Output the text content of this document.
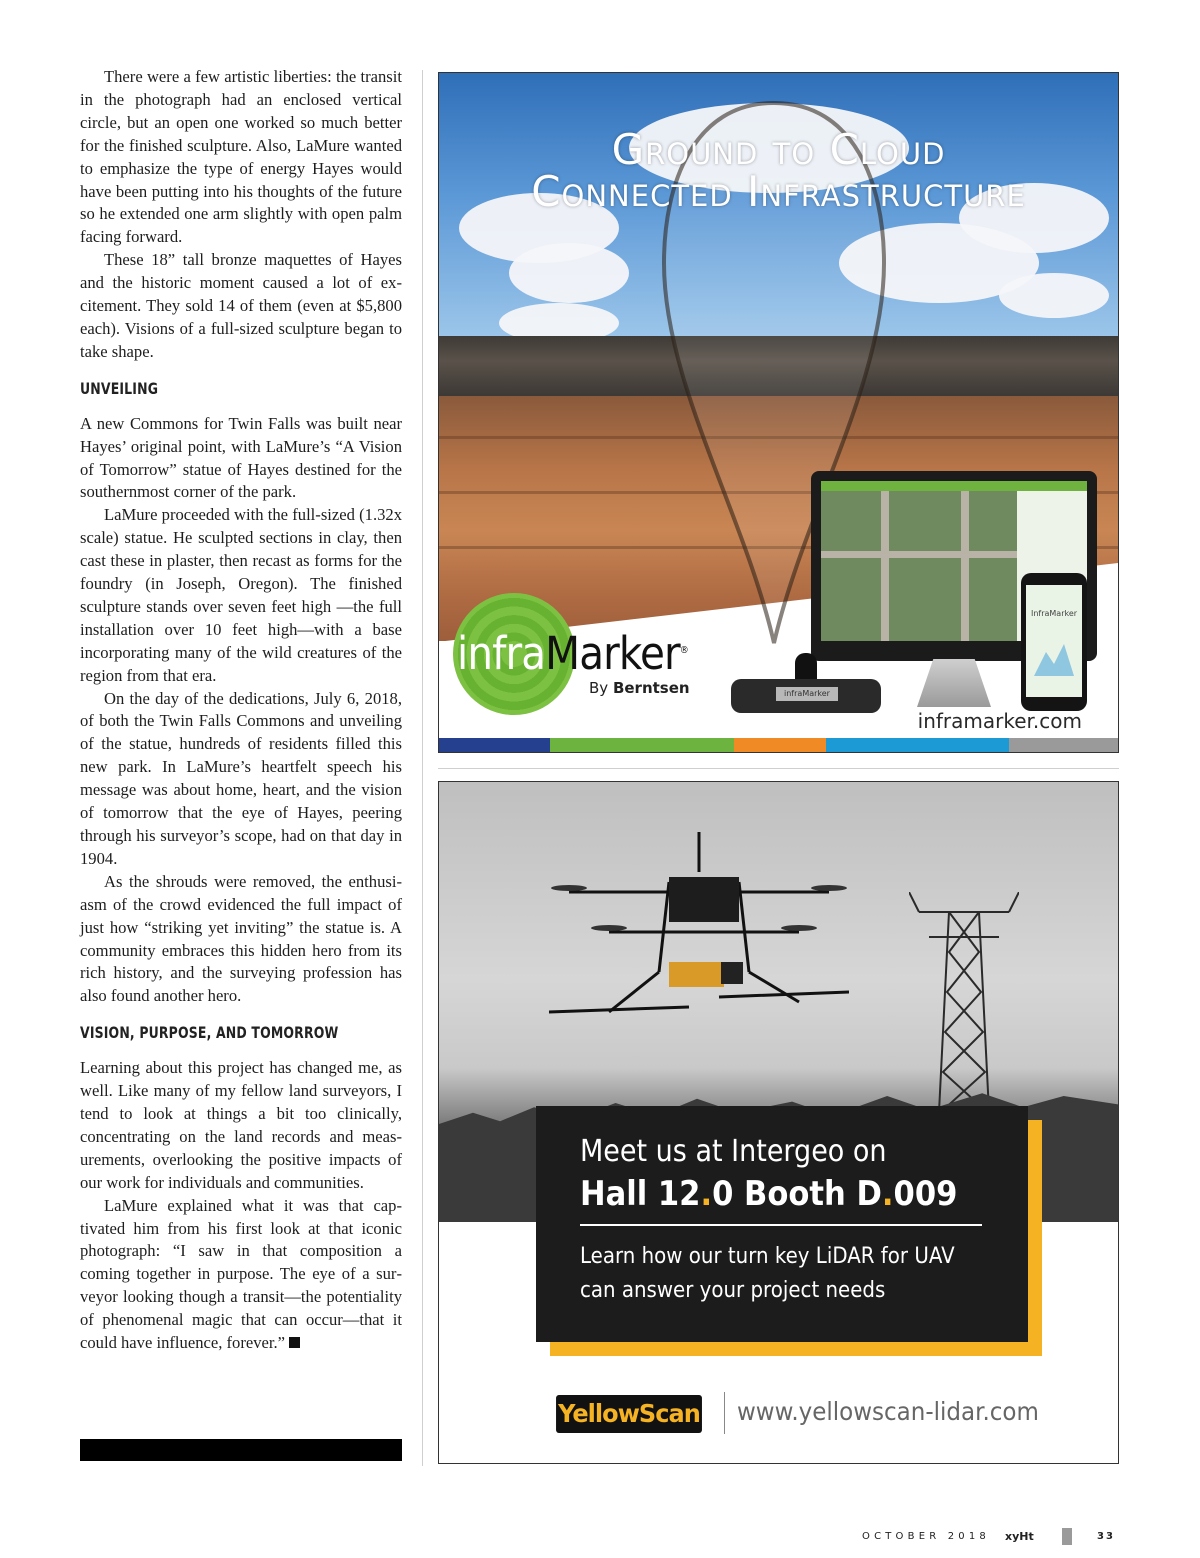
There were a few artistic liberties: the transit in the photograph had an enclosed vertical circle, but an open one worked so much better for the finished sculpture. Also, LaMure wanted to emphasize the type of energy Hayes would have been putting into his thoughts of the future so he extended one arm slightly with open palm facing forward.

These 18” tall bronze maquettes of Hayes and the historic moment caused a lot of excitement. They sold 14 of them (even at $5,800 each). Visions of a full-sized sculpture began to take shape.

UNVEILING

A new Commons for Twin Falls was built near Hayes’ original point, with LaMure’s “A Vision of Tomorrow” statue of Hayes destined for the southernmost corner of the park.

LaMure proceeded with the full-sized (1.32x scale) statue. He sculpted sections in clay, then cast these in plaster, then recast as forms for the foundry (in Joseph, Oregon). The finished sculpture stands over seven feet high —the full installation over 10 feet high—with a base incorporating many of the wild creatures of the region from that era.

On the day of the dedications, July 6, 2018, of both the Twin Falls Commons and unveiling of the statue, hundreds of residents filled this new park. In LaMure’s heartfelt speech his message was about home, heart, and the vision of tomorrow that the eye of Hayes, peering through his surveyor’s scope, had on that day in 1904.

As the shrouds were removed, the enthusiasm of the crowd evidenced the full impact of just how “striking yet inviting” the statue is. A community embraces this hidden hero from its rich history, and the surveying profession has also found another hero.

VISION, PURPOSE, AND TOMORROW

Learning about this project has changed me, as well. Like many of my fellow land surveyors, I tend to look at things a bit too clinically, concentrating on the land records and measurements, overlooking the positive impacts of our work for individuals and communities.

LaMure explained what it was that captivated him from his first look at that iconic photograph: “I saw in that composition a coming together in purpose. The eye of a surveyor looking though a transit—the potentiality of phenomenal magic that can occur—that it could have influence, forever.”

Ground to Cloud
Connected Infrastructure
InfraMarker
infraMarker
infraMarker®
By Berntsen
inframarker.com
Meet us at Intergeo on
Hall 12.0 Booth D.009
Learn how our turn key LiDAR for UAV can answer your project needs
YellowScan www.yellowscan-lidar.com
OCTOBER 2018 xyHt	33
